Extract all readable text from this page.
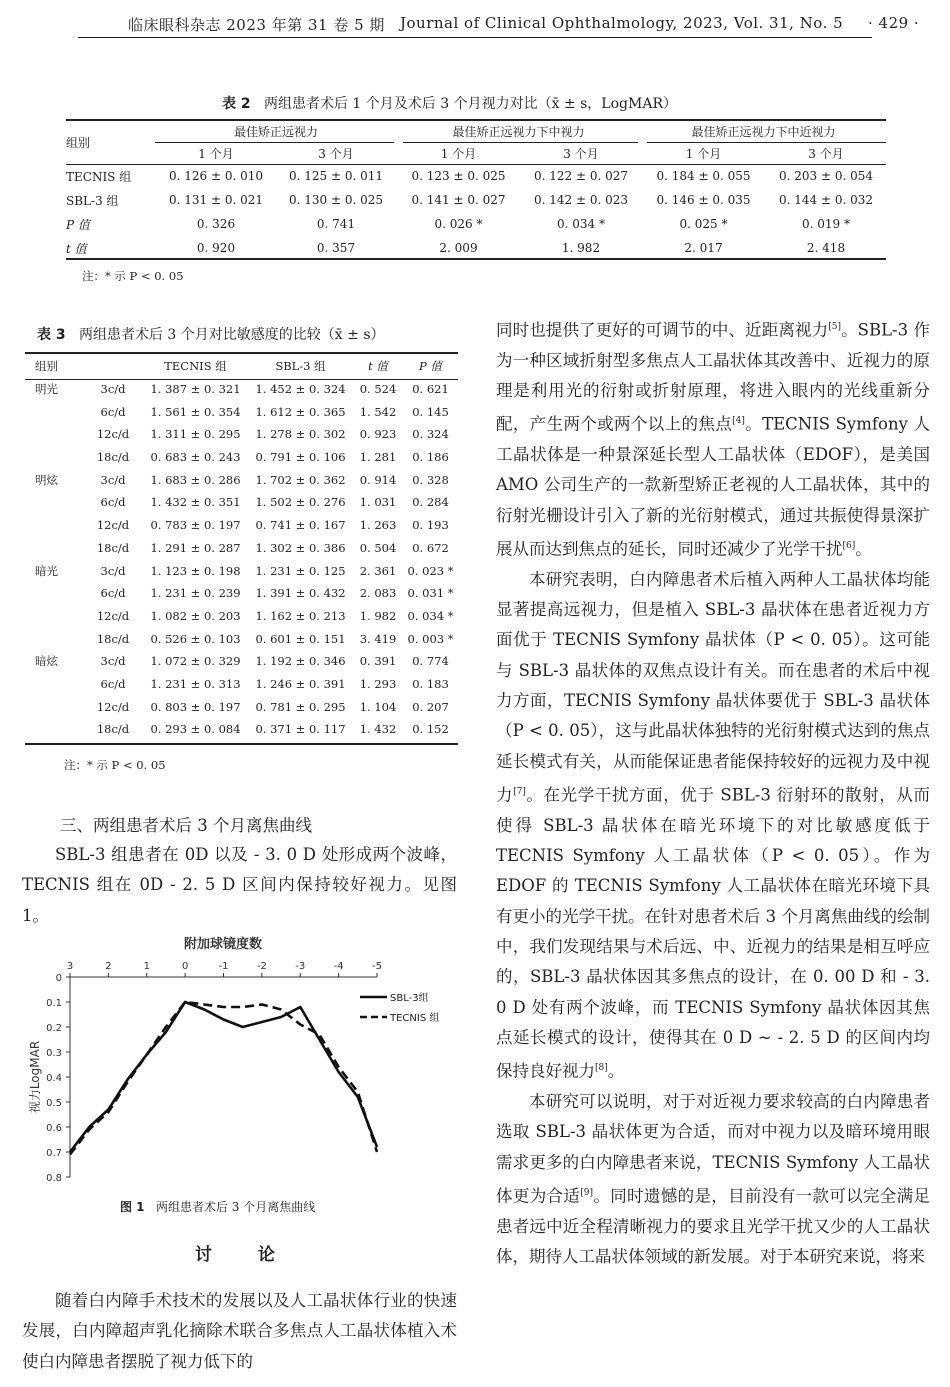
临床眼科杂志 2023 年第 31 卷 5 期 Journal of Clinical Ophthalmology, 2023, Vol. 31, No. 5 · 429 ·
表 2 两组患者术后 1 个月及术后 3 个月视力对比（x̄ ± s，LogMAR）
组别	最佳矫正远视力		最佳矫正远视力下中视力		最佳矫正远视力下中近视力	
	1 个月	3 个月	1 个月	3 个月	1 个月	3 个月
TECNIS 组	0. 126 ± 0. 010	0. 125 ± 0. 011	0. 123 ± 0. 025	0. 122 ± 0. 027	0. 184 ± 0. 055	0. 203 ± 0. 054
SBL-3 组	0. 131 ± 0. 021	0. 130 ± 0. 025	0. 141 ± 0. 027	0. 142 ± 0. 023	0. 146 ± 0. 035	0. 144 ± 0. 032
P 值	0. 326	0. 741	0. 026 *	0. 034 *	0. 025 *	0. 019 *
t 值	0. 920	0. 357	2. 009	1. 982	2. 017	2. 418
注：* 示 P < 0. 05
表 3 两组患者术后 3 个月对比敏感度的比较（x̄ ± s）
组别		TECNIS 组	SBL-3 组	t 值	P 值
明光	3c/d	1. 387 ± 0. 321	1. 452 ± 0. 324	0. 524	0. 621
	6c/d	1. 561 ± 0. 354	1. 612 ± 0. 365	1. 542	0. 145
	12c/d	1. 311 ± 0. 295	1. 278 ± 0. 302	0. 923	0. 324
	18c/d	0. 683 ± 0. 243	0. 791 ± 0. 106	1. 281	0. 186
明炫	3c/d	1. 683 ± 0. 286	1. 702 ± 0. 362	0. 914	0. 328
	6c/d	1. 432 ± 0. 351	1. 502 ± 0. 276	1. 031	0. 284
	12c/d	0. 783 ± 0. 197	0. 741 ± 0. 167	1. 263	0. 193
	18c/d	1. 291 ± 0. 287	1. 302 ± 0. 386	0. 504	0. 672
暗光	3c/d	1. 123 ± 0. 198	1. 231 ± 0. 125	2. 361	0. 023 *
	6c/d	1. 231 ± 0. 239	1. 391 ± 0. 432	2. 083	0. 031 *
	12c/d	1. 082 ± 0. 203	1. 162 ± 0. 213	1. 982	0. 034 *
	18c/d	0. 526 ± 0. 103	0. 601 ± 0. 151	3. 419	0. 003 *
暗炫	3c/d	1. 072 ± 0. 329	1. 192 ± 0. 346	0. 391	0. 774
	6c/d	1. 231 ± 0. 313	1. 246 ± 0. 391	1. 293	0. 183
	12c/d	0. 803 ± 0. 197	0. 781 ± 0. 295	1. 104	0. 207
	18c/d	0. 293 ± 0. 084	0. 371 ± 0. 117	1. 432	0. 152
注：* 示 P < 0. 05
三、两组患者术后 3 个月离焦曲线
SBL-3 组患者在 0D 以及 - 3. 0 D 处形成两个波峰，TECNIS 组在 0D - 2. 5 D 区间内保持较好视力。见图 1。
附加球镜度数
3	2	1	0	-1	-2	-3	-4	-5
0
0.1
0.2
0.3
0.4
0.5
0.6
0.7
0.8
视力LogMAR
SBL-3组
TECNIS 组
图 1 两组患者术后 3 个月离焦曲线
讨 论
随着白内障手术技术的发展以及人工晶状体行业的快速发展，白内障超声乳化摘除术联合多焦点人工晶状体植入术使白内障患者摆脱了视力低下的

同时也提供了更好的可调节的中、近距离视力[5]。SBL-3 作为一种区域折射型多焦点人工晶状体其改善中、近视力的原理是利用光的衍射或折射原理，将进入眼内的光线重新分配，产生两个或两个以上的焦点[4]。TECNIS Symfony 人工晶状体是一种景深延长型人工晶状体（EDOF），是美国 AMO 公司生产的一款新型矫正老视的人工晶状体，其中的衍射光栅设计引入了新的光衍射模式，通过共振使得景深扩展从而达到焦点的延长，同时还减少了光学干扰[6]。

本研究表明，白内障患者术后植入两种人工晶状体均能显著提高远视力，但是植入 SBL-3 晶状体在患者近视力方面优于 TECNIS Symfony 晶状体（P < 0. 05）。这可能与 SBL-3 晶状体的双焦点设计有关。而在患者的术后中视力方面，TECNIS Symfony 晶状体要优于 SBL-3 晶状体（P < 0. 05），这与此晶状体独特的光衍射模式达到的焦点延长模式有关，从而能保证患者能保持较好的远视力及中视力[7]。在光学干扰方面，优于 SBL-3 衍射环的散射，从而使得 SBL-3 晶状体在暗光环境下的对比敏感度低于 TECNIS Symfony 人工晶状体（P < 0. 05）。作为 EDOF 的 TECNIS Symfony 人工晶状体在暗光环境下具有更小的光学干扰。在针对患者术后 3 个月离焦曲线的绘制中，我们发现结果与术后远、中、近视力的结果是相互呼应的，SBL-3 晶状体因其多焦点的设计，在 0. 00 D 和 - 3. 0 D 处有两个波峰，而 TECNIS Symfony 晶状体因其焦点延长模式的设计，使得其在 0 D ~ - 2. 5 D 的区间内均保持良好视力[8]。

本研究可以说明，对于对近视力要求较高的白内障患者选取 SBL-3 晶状体更为合适，而对中视力以及暗环境用眼需求更多的白内障患者来说，TECNIS Symfony 人工晶状体更为合适[9]。同时遗憾的是，目前没有一款可以完全满足患者远中近全程清晰视力的要求且光学干扰又少的人工晶状体，期待人工晶状体领域的新发展。对于本研究来说，将来
